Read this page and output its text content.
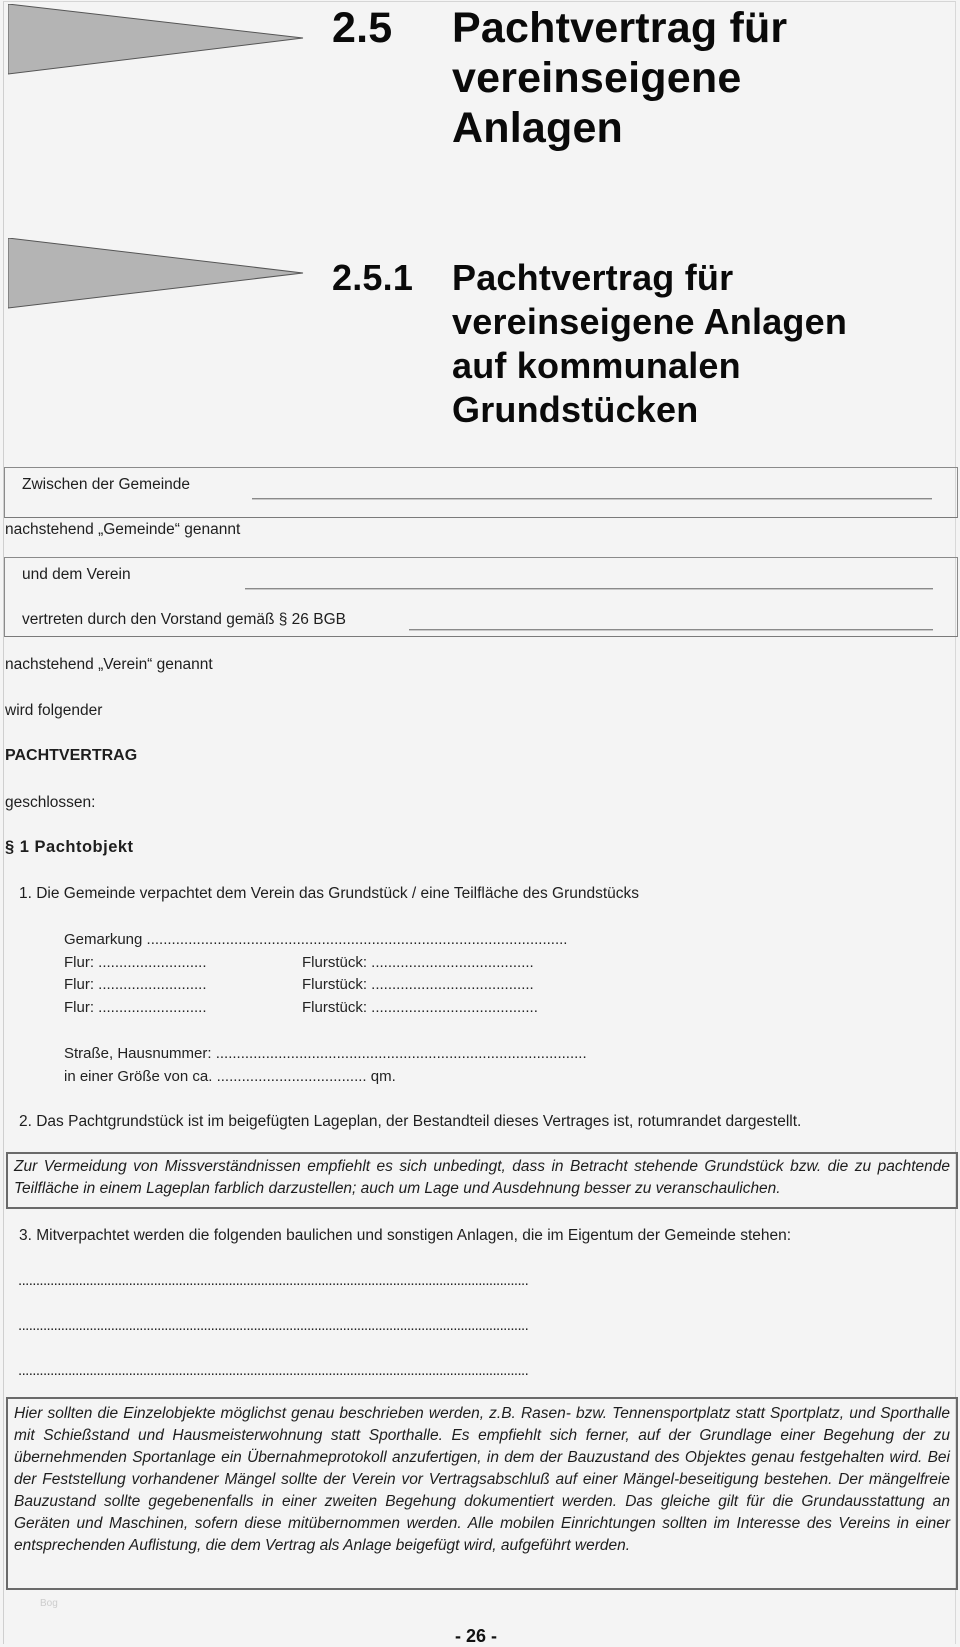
2.5 Pachtvertrag für
vereinseigene
Anlagen
2.5.1 Pachtvertrag für
vereinseigene Anlagen
auf kommunalen
Grundstücken
Zwischen der Gemeinde
nachstehend „Gemeinde“ genannt
und dem Verein
vertreten durch den Vorstand gemäß § 26 BGB
nachstehend „Verein“ genannt
wird folgender
PACHTVERTRAG
geschlossen:
§ 1 Pachtobjekt
1. Die Gemeinde verpachtet dem Verein das Grundstück / eine Teilfläche des Grundstücks
Gemarkung .....................................................................................................
Flur: ..........................	Flurstück: .......................................
Flur: ..........................	Flurstück: .......................................
Flur: ..........................	Flurstück: ........................................
Straße, Hausnummer: .........................................................................................
in einer Größe von ca. .................................... qm.
2. Das Pachtgrundstück ist im beigefügten Lageplan, der Bestandteil dieses Vertrages ist, rotumrandet dargestellt.

Zur Vermeidung von Missverständnissen empfiehlt es sich unbedingt, dass in Betracht stehende Grundstück bzw. die zu pachtende Teilfläche in einem Lageplan farblich darzustellen; auch um Lage und Ausdehnung besser zu veranschaulichen.

3. Mitverpachtet werden die folgenden baulichen und sonstigen Anlagen, die im Eigentum der Gemeinde stehen:
...............................................................................................................................................
...............................................................................................................................................
...............................................................................................................................................

Hier sollten die Einzelobjekte möglichst genau beschrieben werden, z.B. Rasen- bzw. Tennensportplatz statt Sportplatz, und Sporthalle mit Schießstand und Hausmeisterwohnung statt Sporthalle. Es empfiehlt sich ferner, auf der Grundlage einer Begehung der zu übernehmenden Sportanlage ein Übernahmeprotokoll anzufertigen, in dem der Bauzustand des Objektes genau festgehalten wird. Bei der Feststellung vorhandener Mängel sollte der Verein vor Vertragsabschluß auf einer Mängel-beseitigung bestehen. Der mängelfreie Bauzustand sollte gegebenenfalls in einer zweiten Begehung dokumentiert werden. Das gleiche gilt für die Grundausstattung an Geräten und Maschinen, sofern diese mitübernommen werden. Alle mobilen Einrichtungen sollten im Interesse des Vereins in einer entsprechenden Auflistung, die dem Vertrag als Anlage beigefügt wird, aufgeführt werden.

Bog
- 26 -
